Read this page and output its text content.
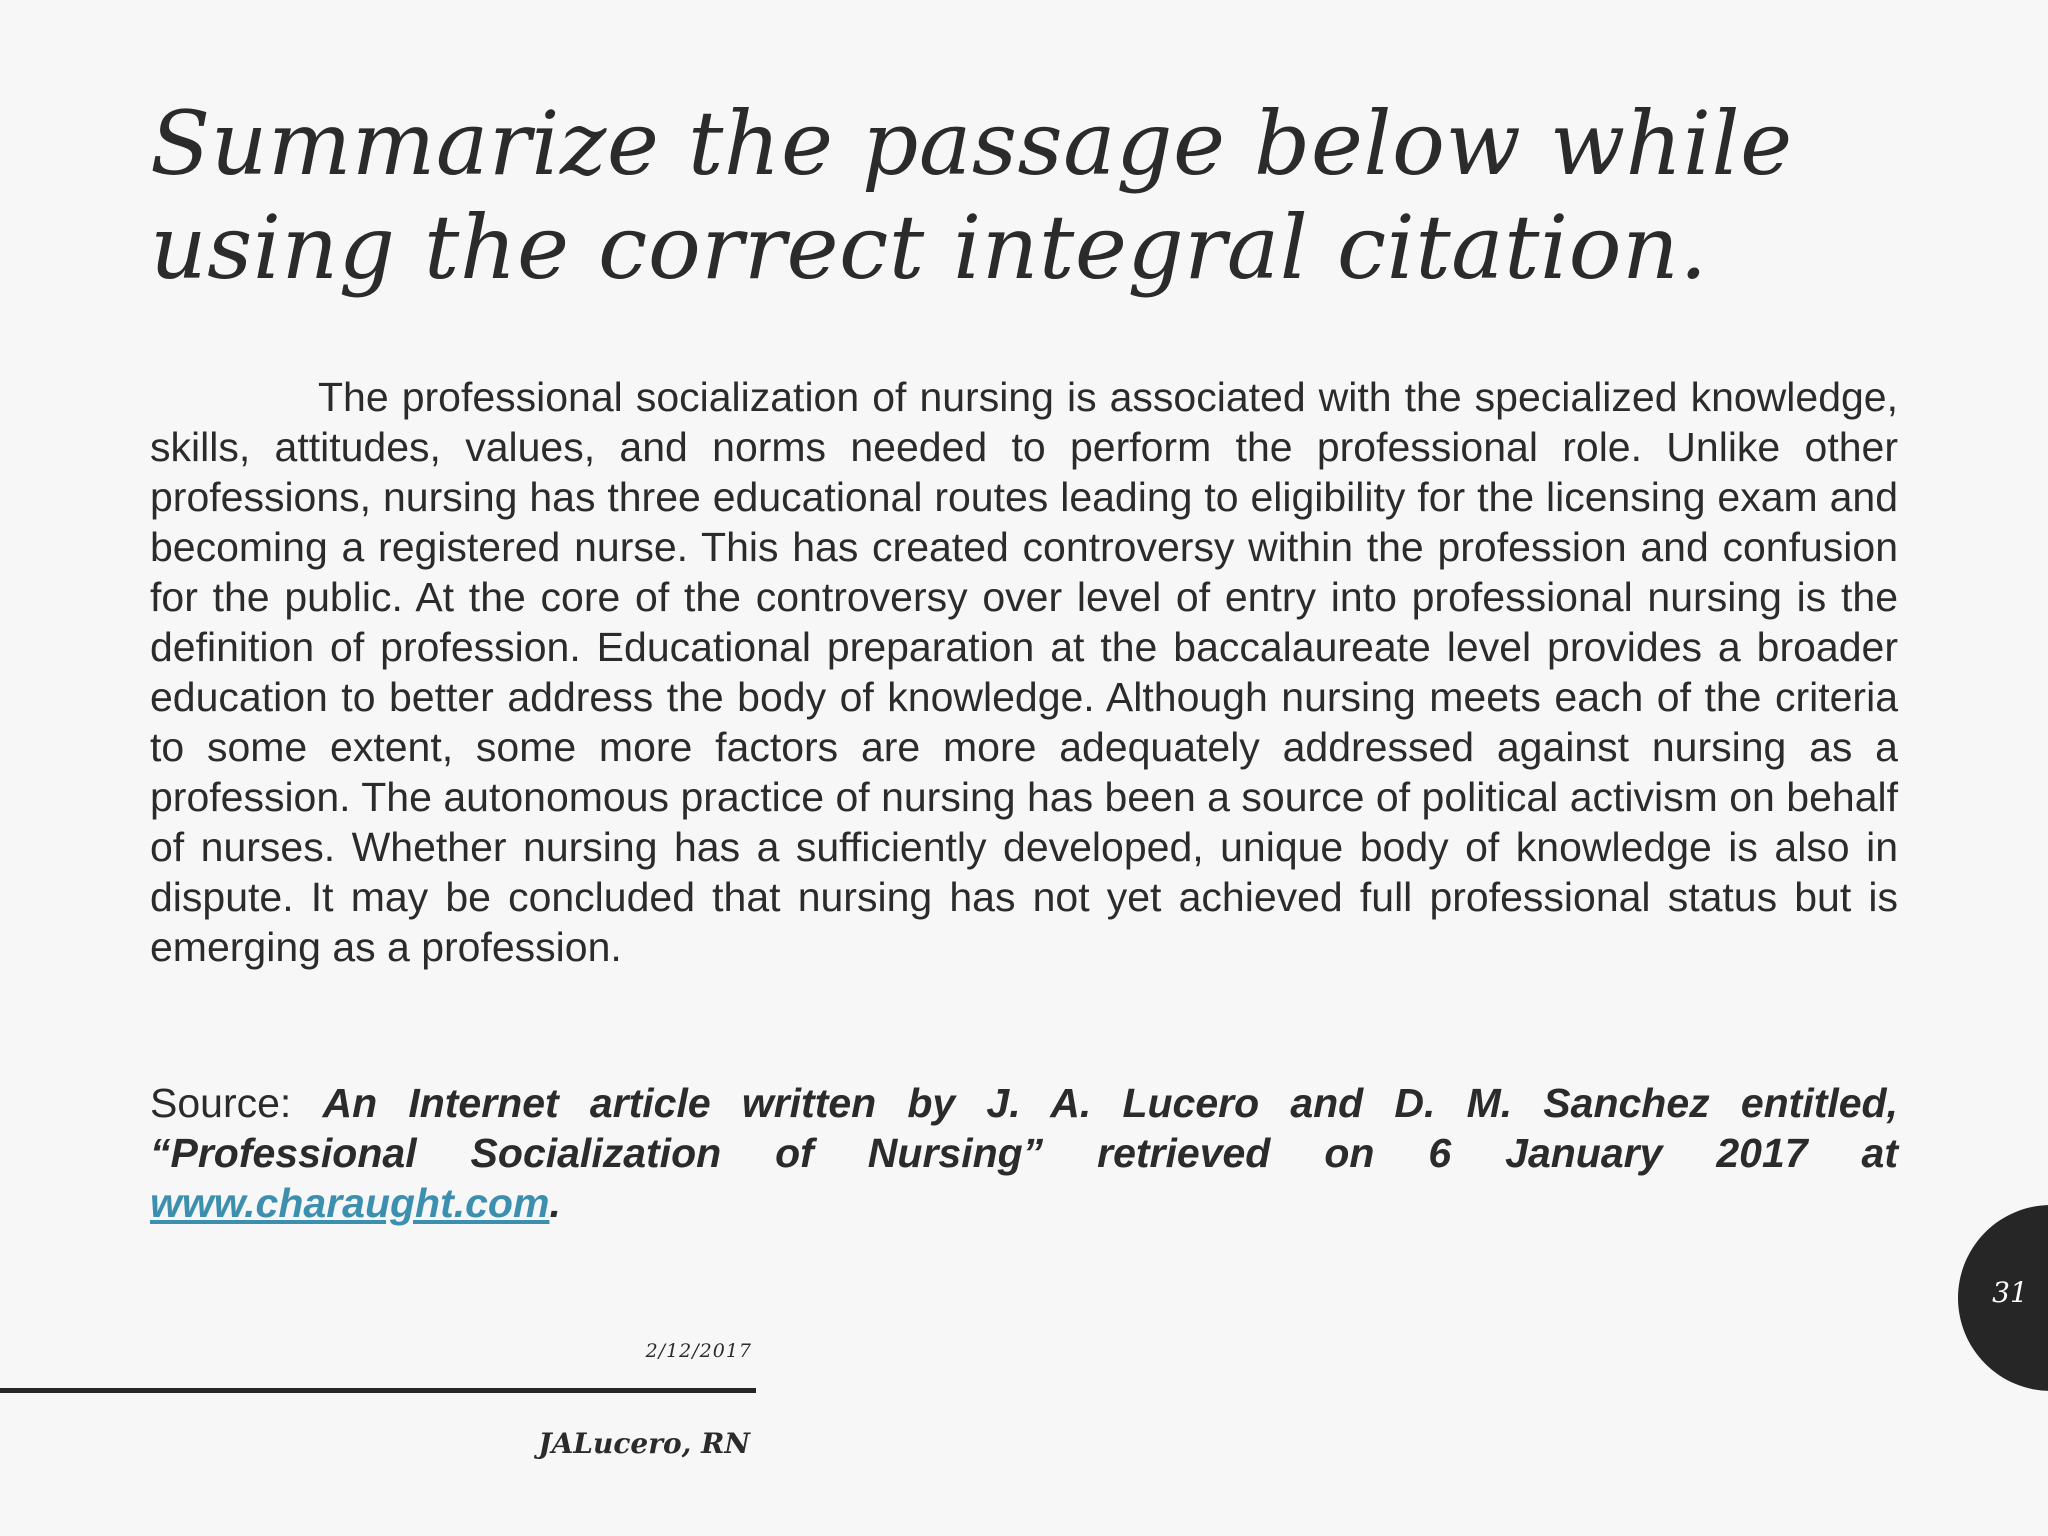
Summarize the passage below while using the correct integral citation.

The professional socialization of nursing is associated with the specialized knowledge, skills, attitudes, values, and norms needed to perform the professional role. Unlike other professions, nursing has three educational routes leading to eligibility for the licensing exam and becoming a registered nurse. This has created controversy within the profession and confusion for the public. At the core of the controversy over level of entry into professional nursing is the definition of profession. Educational preparation at the baccalaureate level provides a broader education to better address the body of knowledge. Although nursing meets each of the criteria to some extent, some more factors are more adequately addressed against nursing as a profession. The autonomous practice of nursing has been a source of political activism on behalf of nurses. Whether nursing has a sufficiently developed, unique body of knowledge is also in dispute. It may be concluded that nursing has not yet achieved full professional status but is emerging as a profession.

Source: An Internet article written by J. A. Lucero and D. M. Sanchez entitled, “Professional Socialization of Nursing” retrieved on 6 January 2017 at www.charaught.com.

31
2/12/2017
JALucero, RN
